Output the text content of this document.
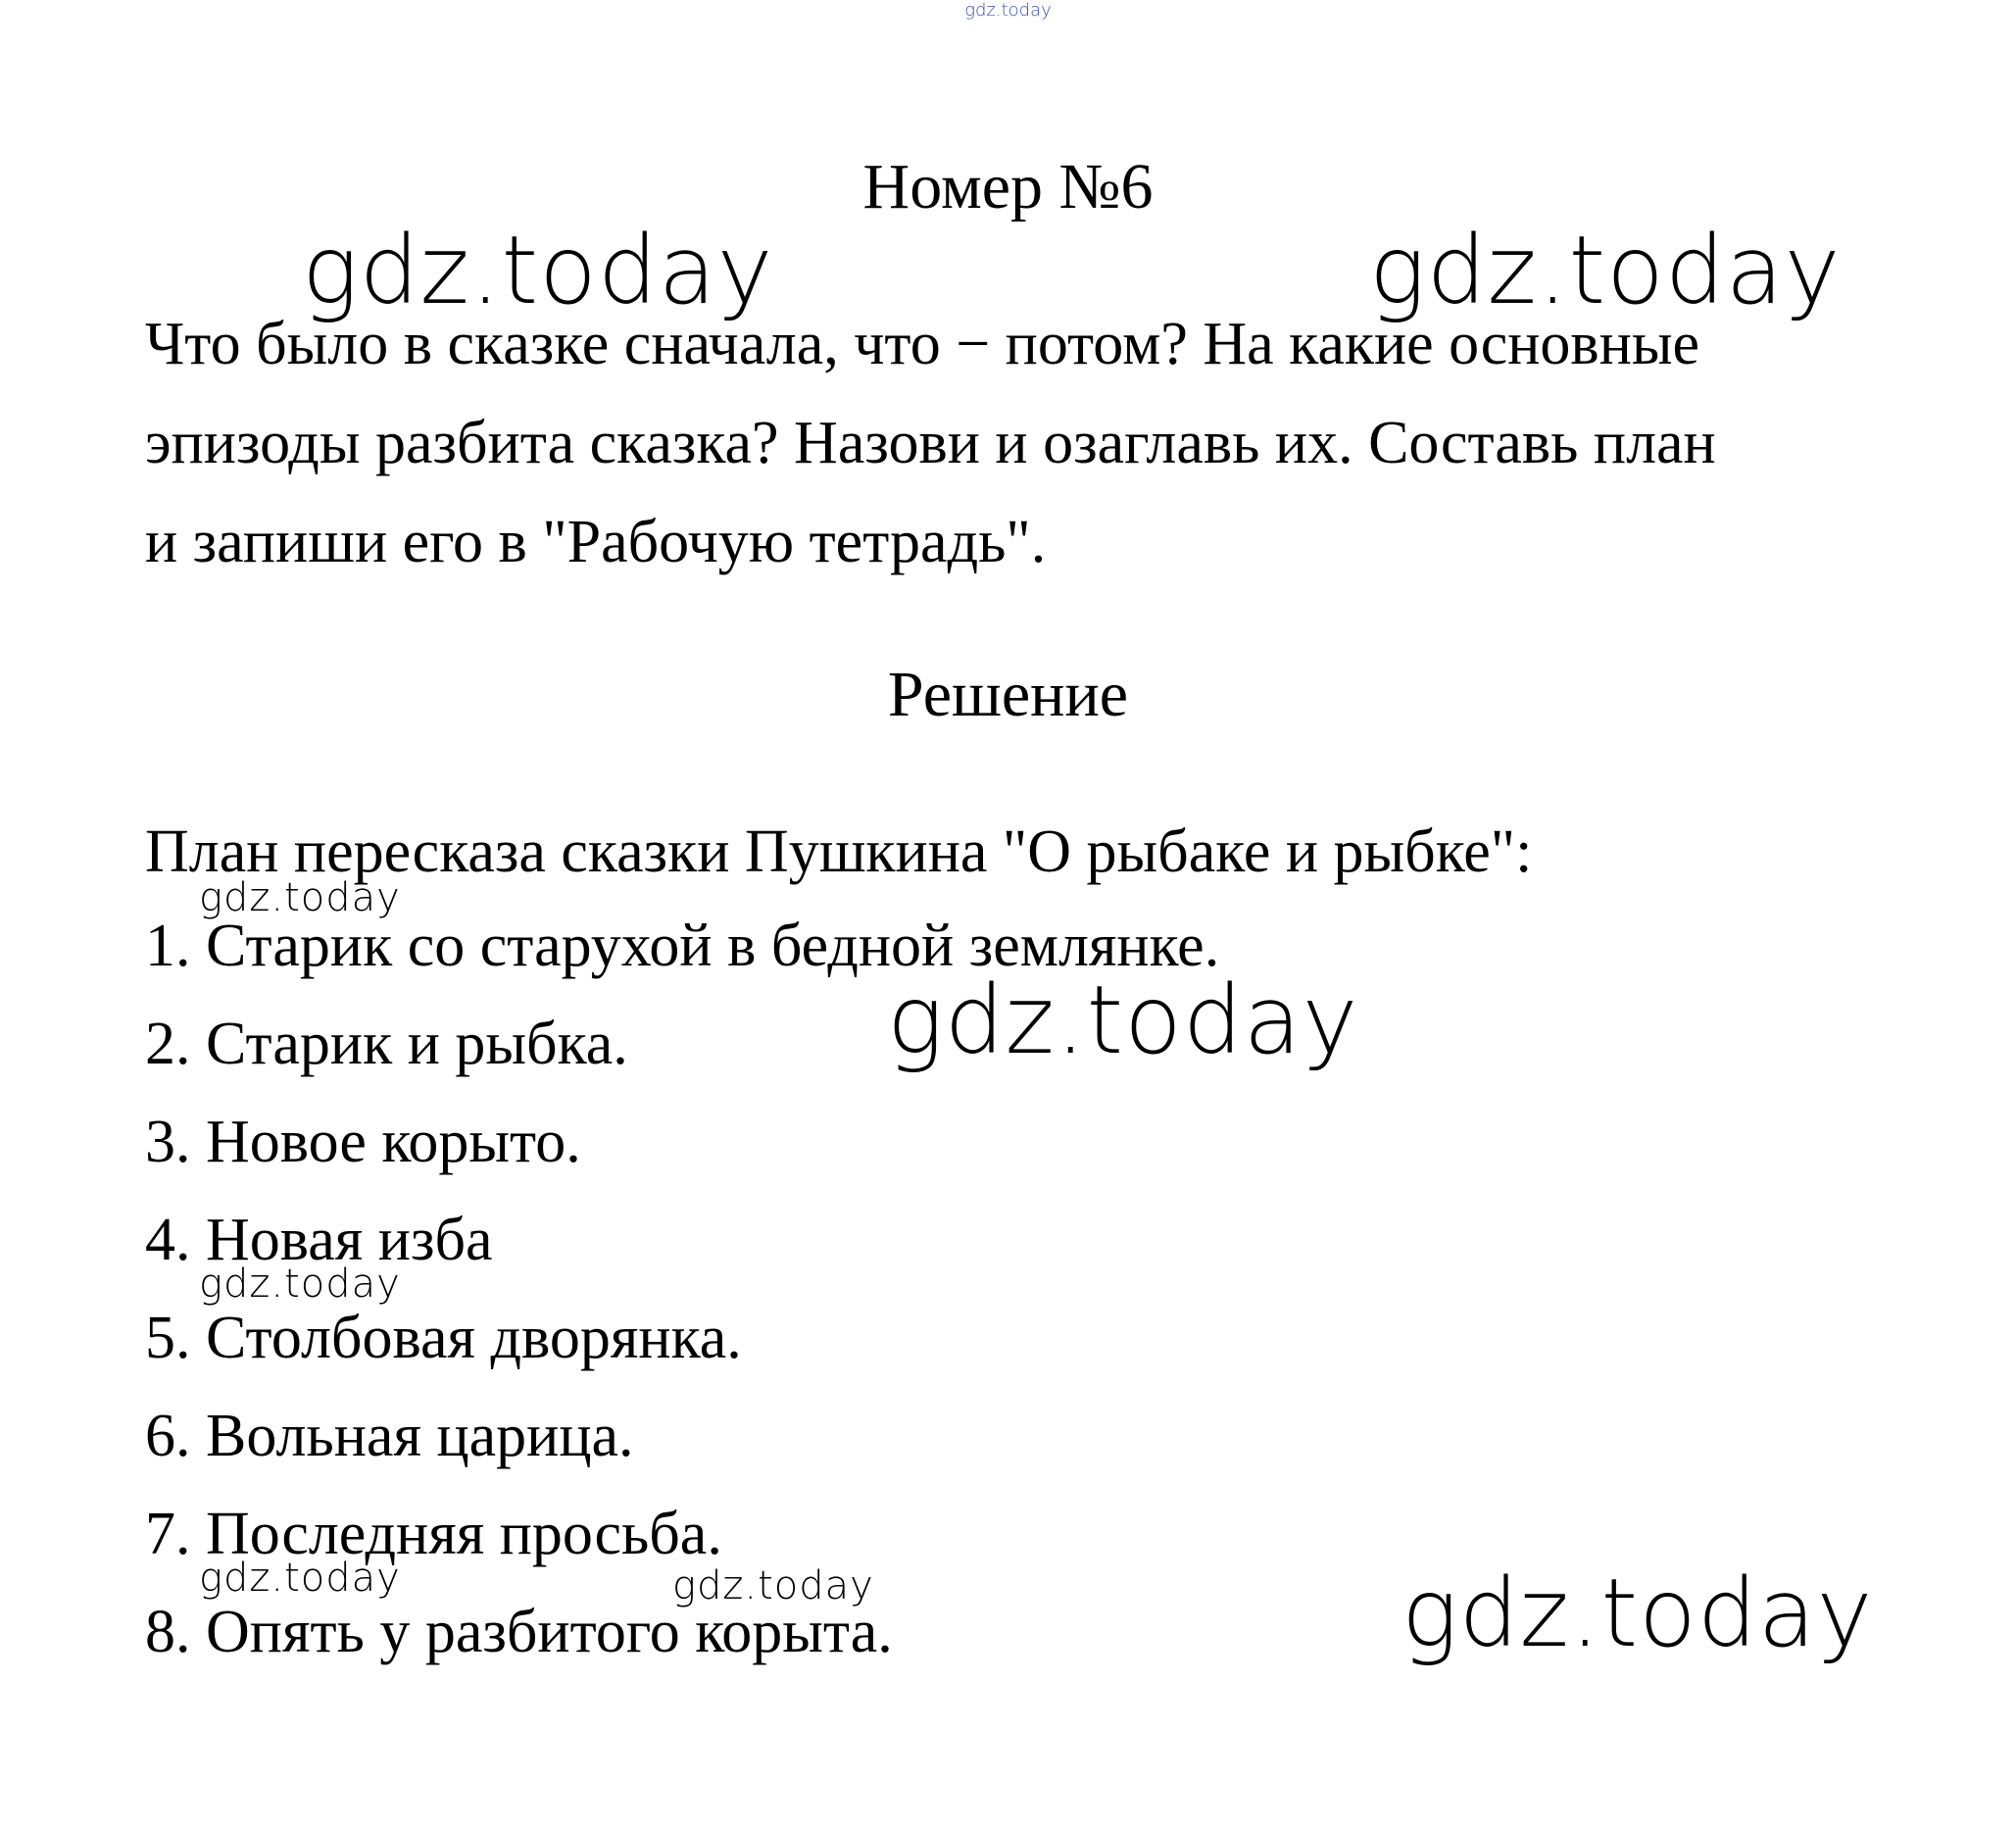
gdz.today
Номер №6
Что было в сказке сначала, что − потом? На какие основные
эпизоды разбита сказка? Назови и озаглавь их. Составь план
и запиши его в "Рабочую тетрадь".
Решение
План пересказа сказки Пушкина "О рыбаке и рыбке":
1. Старик со старухой в бедной землянке.
2. Старик и рыбка.
3. Новое корыто.
4. Новая изба
5. Столбовая дворянка.
6. Вольная царица.
7. Последняя просьба.
8. Опять у разбитого корыта.
gdz.today	gdz.today
gdz.today
gdz.today
gdz.today
gdz.today
gdz.today	gdz.today
